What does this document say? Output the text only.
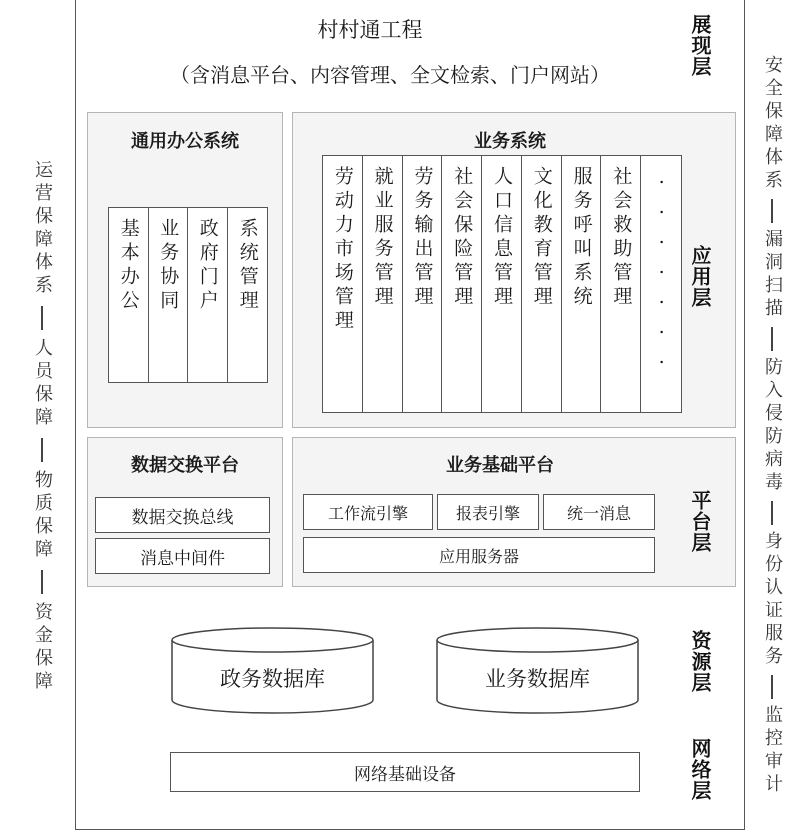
运营保障体系
人员保障
物质保障
资金保障
安全保障体系
漏洞扫描
防入侵防病毒
身份认证服务
监控审计
村村通工程
（含消息平台、内容管理、全文检索、门户网站）	展现层
通用办公系统
基本办公 业务协同 政府门户 系统管理
业务系统
劳动力市场管理 就业服务管理 劳务输出管理 社会保险管理 人口信息管理 文化教育管理 服务呼叫系统 社会救助管理 ....... 应用层
数据交换平台
数据交换总线
消息中间件
业务基础平台
工作流引擎	报表引擎	统一消息
应用服务器
平台层
政务数据库	业务数据库	资源层
网络基础设备	网络层
